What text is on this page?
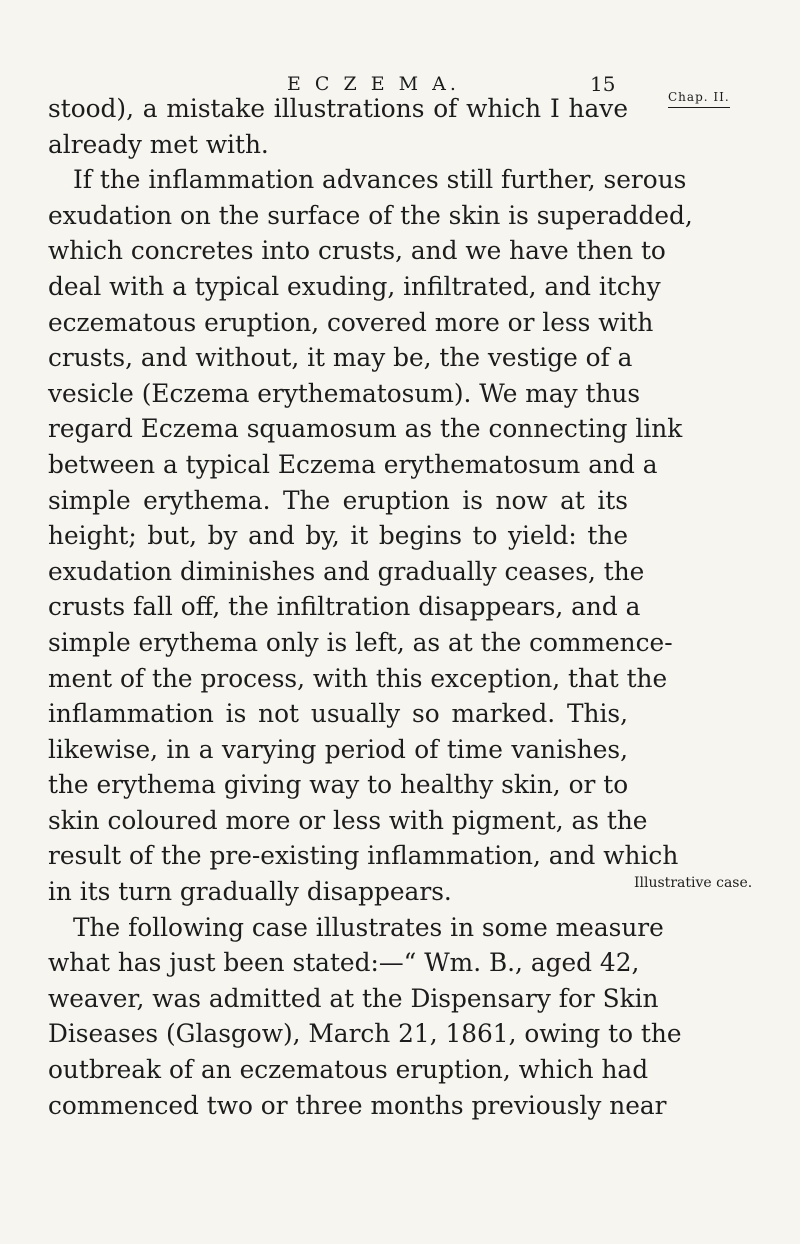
E C Z E M A.	15
Chap. II.
Illustrative case.
stood), a mistake illustrations of which I have
already met with.
If the inflammation advances still further, serous
exudation on the surface of the skin is superadded,
which concretes into crusts, and we have then to
deal with a typical exuding, infiltrated, and itchy
eczematous eruption, covered more or less with
crusts, and without, it may be, the vestige of a
vesicle (Eczema erythematosum). We may thus
regard Eczema squamosum as the connecting link
between a typical Eczema erythematosum and a
simple erythema. The eruption is now at its
height; but, by and by, it begins to yield: the
exudation diminishes and gradually ceases, the
crusts fall off, the infiltration disappears, and a
simple erythema only is left, as at the commence-
ment of the process, with this exception, that the
inflammation is not usually so marked. This,
likewise, in a varying period of time vanishes,
the erythema giving way to healthy skin, or to
skin coloured more or less with pigment, as the
result of the pre-existing inflammation, and which
in its turn gradually disappears.
The following case illustrates in some measure
what has just been stated:—“ Wm. B., aged 42,
weaver, was admitted at the Dispensary for Skin
Diseases (Glasgow), March 21, 1861, owing to the
outbreak of an eczematous eruption, which had
commenced two or three months previously near
